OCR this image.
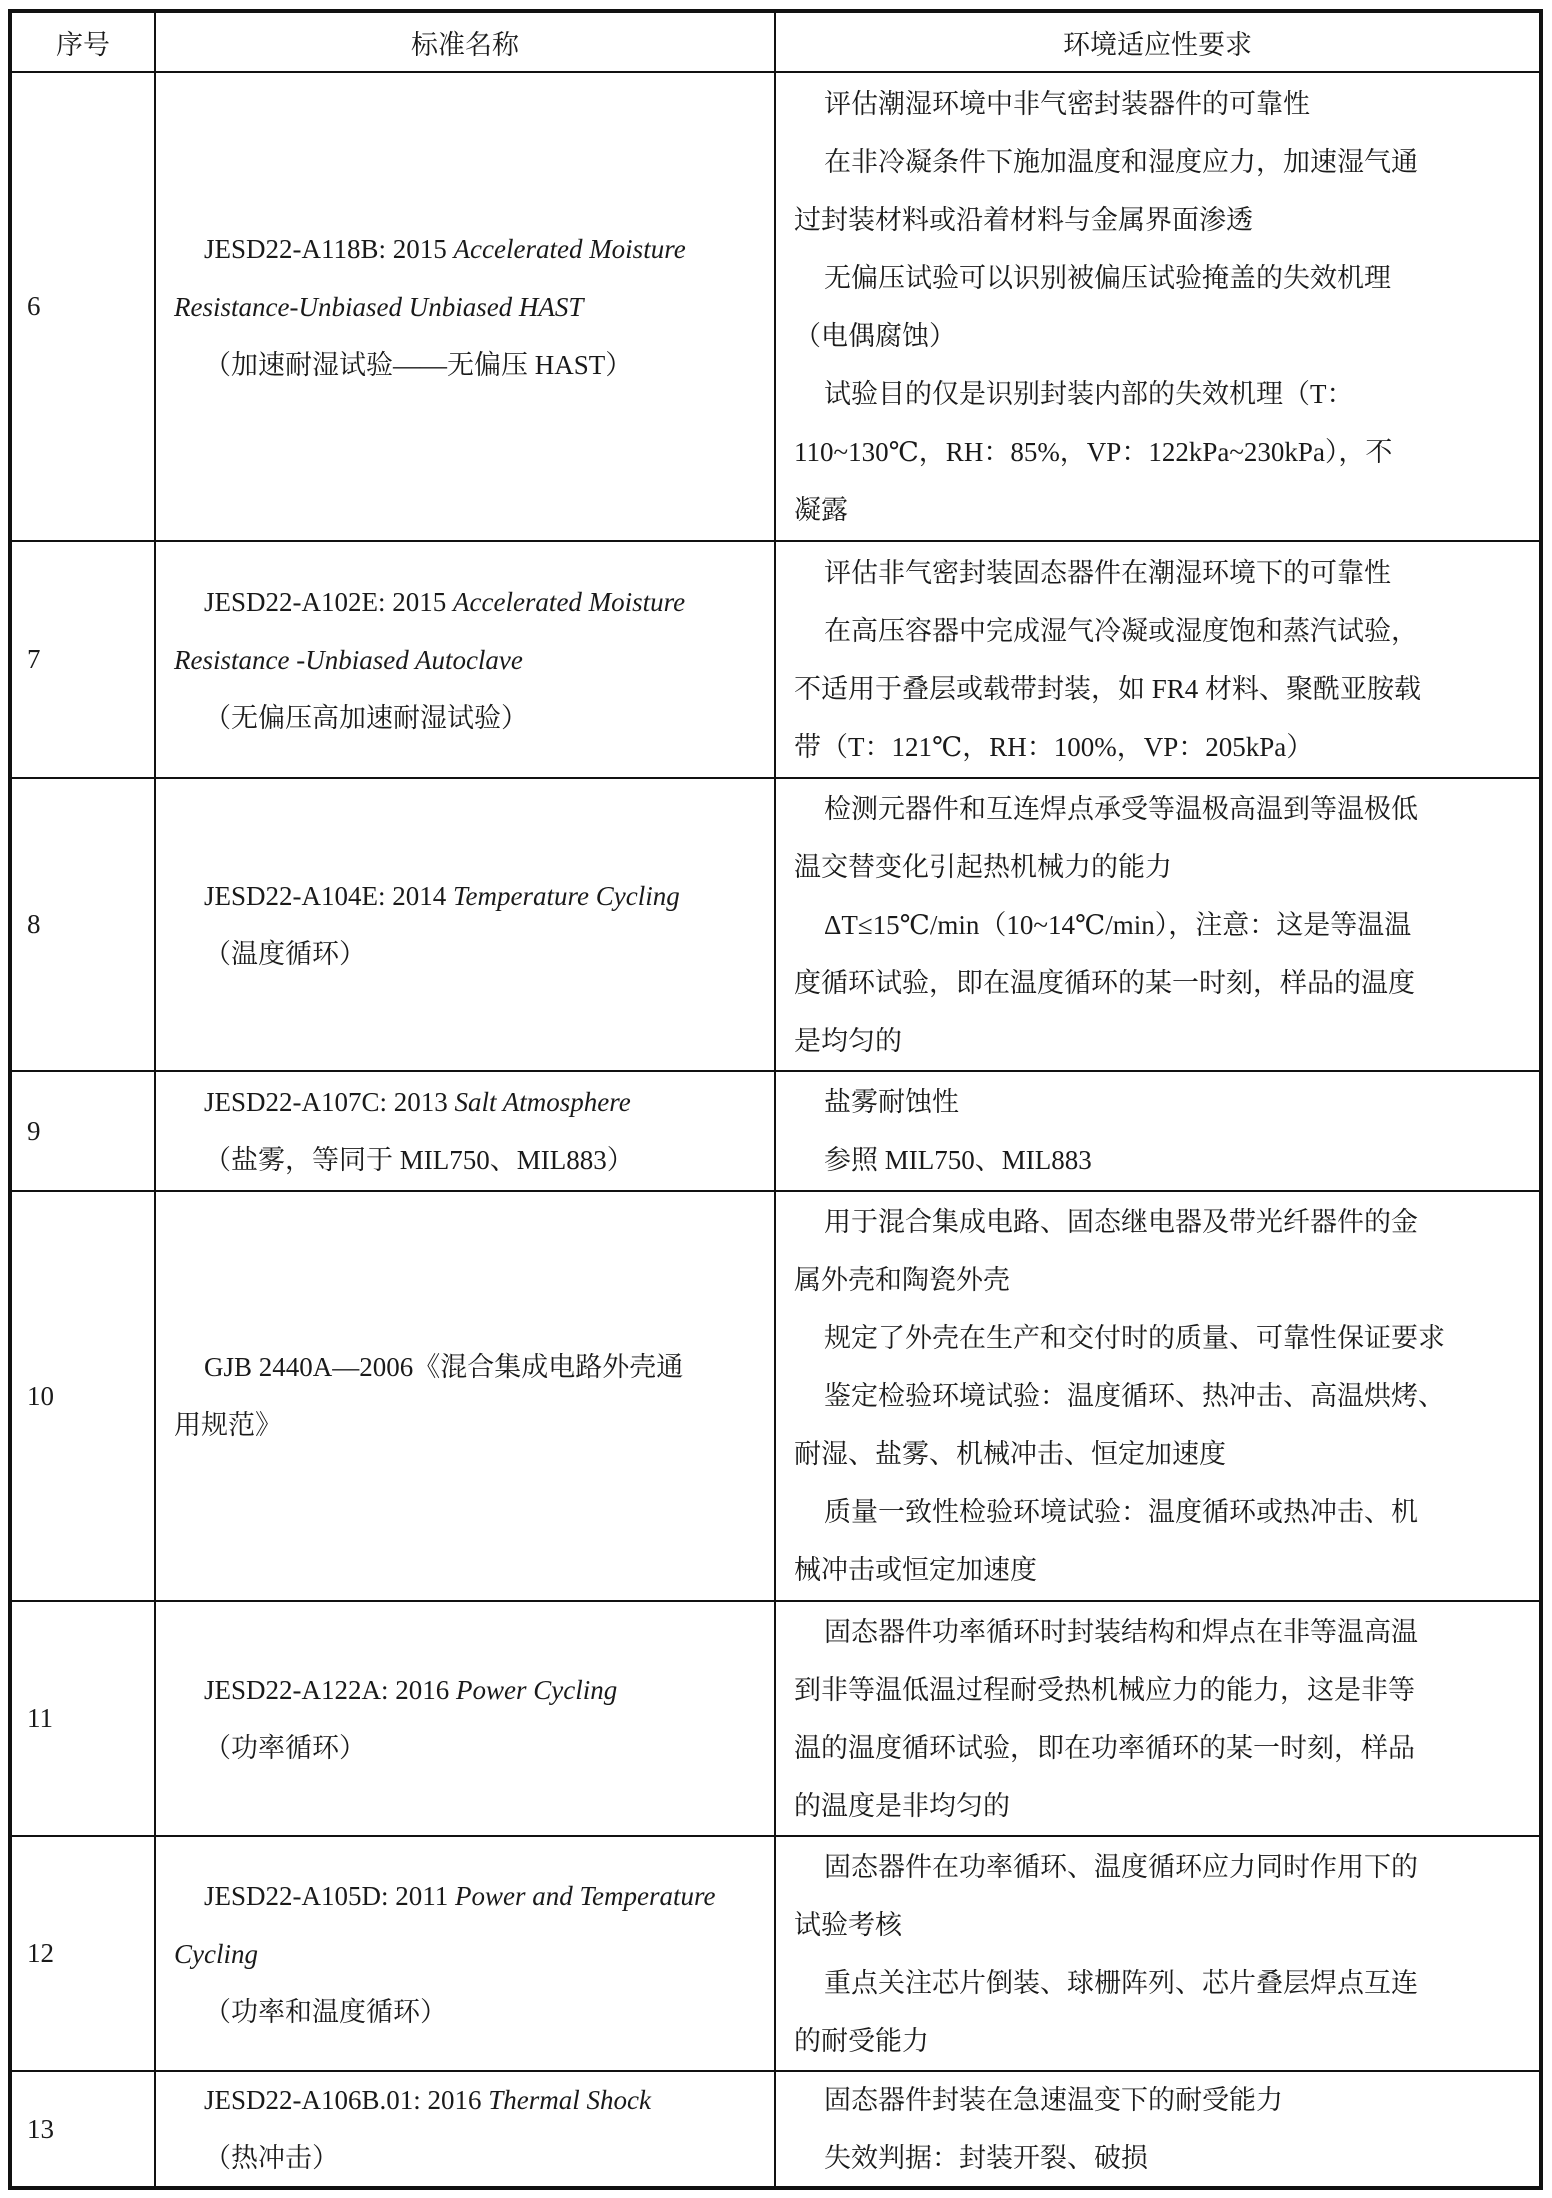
序号	标准名称	环境适应性要求
6
JESD22-A118B: 2015 Accelerated Moisture
Resistance-Unbiased Unbiased HAST
（加速耐湿试验——无偏压 HAST）
评估潮湿环境中非气密封装器件的可靠性
在非冷凝条件下施加温度和湿度应力，加速湿气通
过封装材料或沿着材料与金属界面渗透
无偏压试验可以识别被偏压试验掩盖的失效机理
（电偶腐蚀）
试验目的仅是识别封装内部的失效机理（T：
110~130℃，RH：85%，VP：122kPa~230kPa），不
凝露
7
JESD22-A102E: 2015 Accelerated Moisture
Resistance -Unbiased Autoclave
（无偏压高加速耐湿试验）
评估非气密封装固态器件在潮湿环境下的可靠性
在高压容器中完成湿气冷凝或湿度饱和蒸汽试验，
不适用于叠层或载带封装，如 FR4 材料、聚酰亚胺载
带（T：121℃，RH：100%，VP：205kPa）
8
JESD22-A104E: 2014 Temperature Cycling
（温度循环）
检测元器件和互连焊点承受等温极高温到等温极低
温交替变化引起热机械力的能力
ΔT≤15℃/min（10~14℃/min），注意：这是等温温
度循环试验，即在温度循环的某一时刻，样品的温度
是均匀的
9
JESD22-A107C: 2013 Salt Atmosphere
（盐雾，等同于 MIL750、MIL883）
盐雾耐蚀性
参照 MIL750、MIL883
10
GJB 2440A—2006《混合集成电路外壳通
用规范》
用于混合集成电路、固态继电器及带光纤器件的金
属外壳和陶瓷外壳
规定了外壳在生产和交付时的质量、可靠性保证要求
鉴定检验环境试验：温度循环、热冲击、高温烘烤、
耐湿、盐雾、机械冲击、恒定加速度
质量一致性检验环境试验：温度循环或热冲击、机
械冲击或恒定加速度
11
JESD22-A122A: 2016 Power Cycling
（功率循环）
固态器件功率循环时封装结构和焊点在非等温高温
到非等温低温过程耐受热机械应力的能力，这是非等
温的温度循环试验，即在功率循环的某一时刻，样品
的温度是非均匀的
12
JESD22-A105D: 2011 Power and Temperature
Cycling
（功率和温度循环）
固态器件在功率循环、温度循环应力同时作用下的
试验考核
重点关注芯片倒装、球栅阵列、芯片叠层焊点互连
的耐受能力
13
JESD22-A106B.01: 2016 Thermal Shock
（热冲击）
固态器件封装在急速温变下的耐受能力
失效判据：封装开裂、破损
